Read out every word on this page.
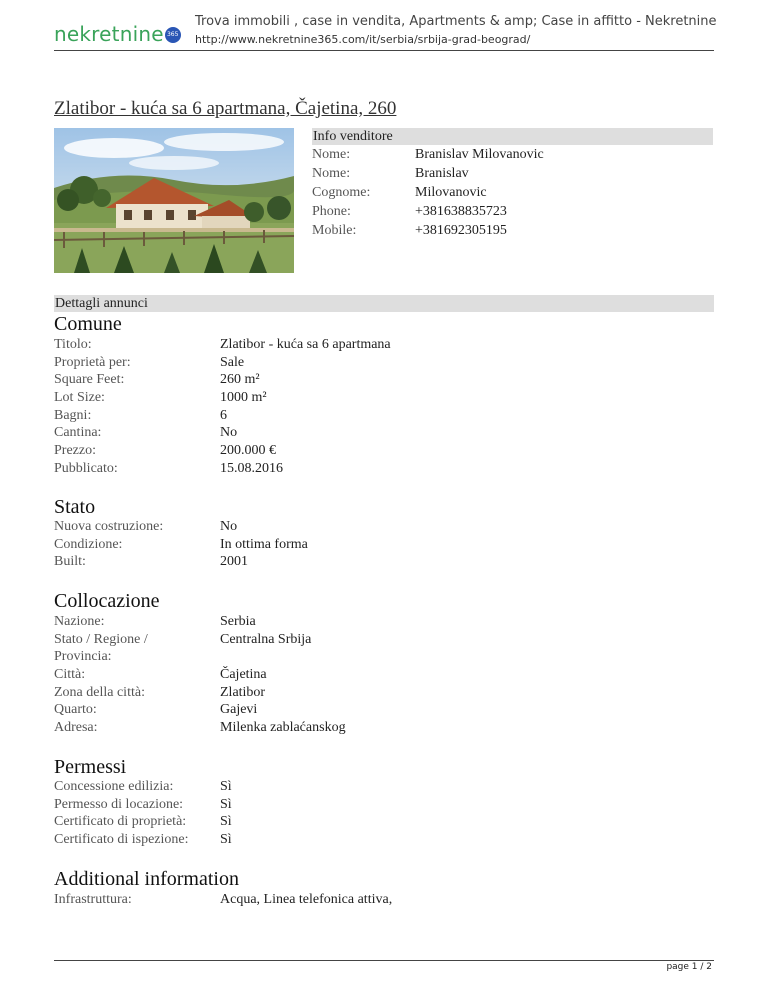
nekretnine 365
Trova immobili , case in vendita, Apartments & amp; Case in affitto - Nekretnine
http://www.nekretnine365.com/it/serbia/srbija-grad-beograd/
Zlatibor - kuća sa 6 apartmana, Čajetina, 260
Info venditore
Nome:	Branislav Milovanovic
Nome:	Branislav
Cognome:	Milovanovic
Phone:	+381638835723
Mobile:	+381692305195
Dettagli annunci
Comune
Titolo:	Zlatibor - kuća sa 6 apartmana
Proprietà per:	Sale
Square Feet:	260 m²
Lot Size:	1000 m²
Bagni:	6
Cantina:	No
Prezzo:	200.000 €
Pubblicato:	15.08.2016
Stato
Nuova costruzione:	No
Condizione:	In ottima forma
Built:	2001
Collocazione
Nazione:	Serbia
Stato / Regione /	Centralna Srbija
Provincia:
Città:	Čajetina
Zona della città:	Zlatibor
Quarto:	Gajevi
Adresa:	Milenka zablaćanskog
Permessi
Concessione edilizia:	Sì
Permesso di locazione:	Sì
Certificato di proprietà:	Sì
Certificato di ispezione:	Sì
Additional information
Infrastruttura:	Acqua, Linea telefonica attiva,
page 1 / 2
